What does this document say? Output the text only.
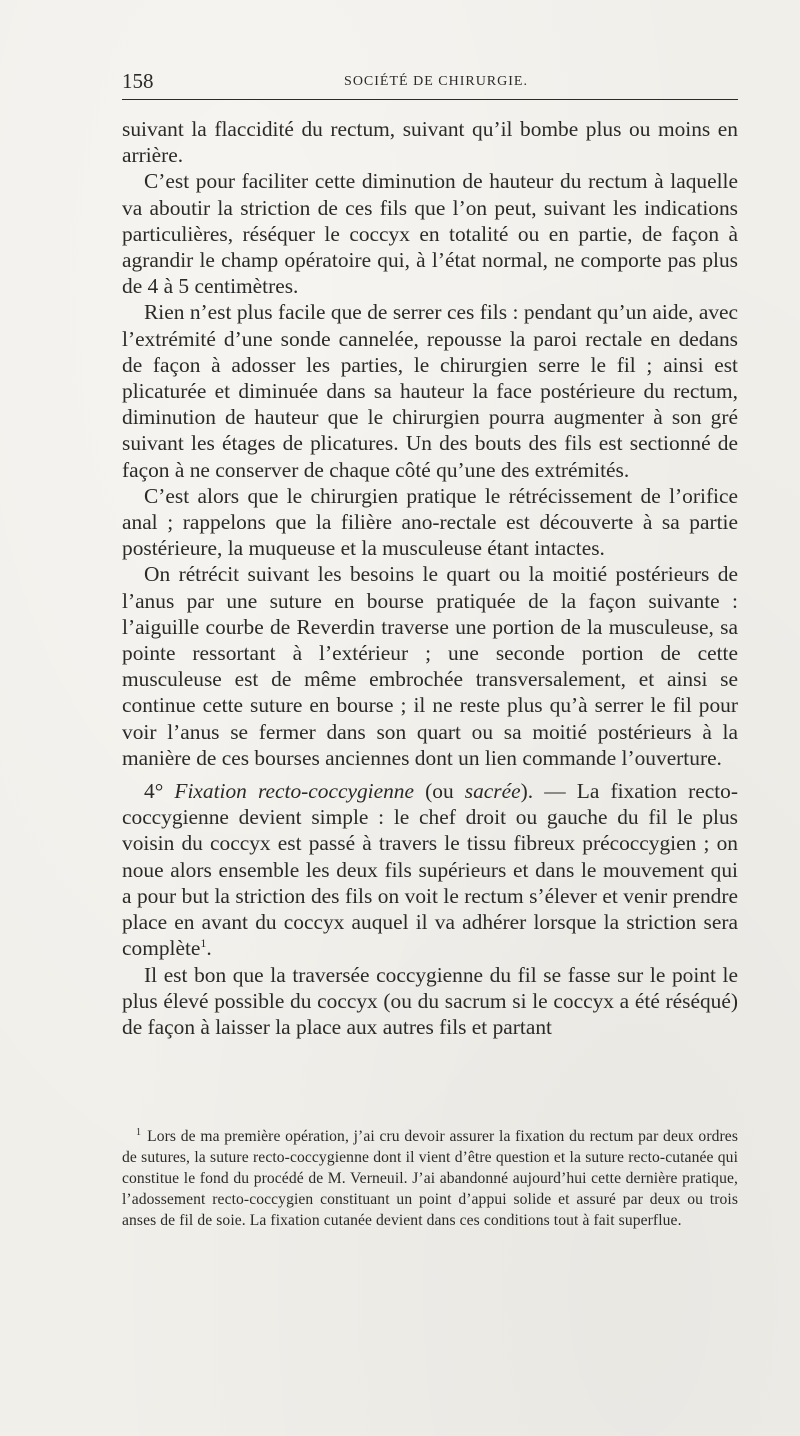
158	SOCIÉTÉ DE CHIRURGIE.

suivant la flaccidité du rectum, suivant qu’il bombe plus ou moins en arrière.

C’est pour faciliter cette diminution de hauteur du rectum à laquelle va aboutir la striction de ces fils que l’on peut, suivant les indications particulières, réséquer le coccyx en totalité ou en partie, de façon à agrandir le champ opératoire qui, à l’état normal, ne comporte pas plus de 4 à 5 centimètres.

Rien n’est plus facile que de serrer ces fils : pendant qu’un aide, avec l’extrémité d’une sonde cannelée, repousse la paroi rectale en dedans de façon à adosser les parties, le chirurgien serre le fil ; ainsi est plicaturée et diminuée dans sa hauteur la face postérieure du rectum, diminution de hauteur que le chirurgien pourra augmenter à son gré suivant les étages de plicatures. Un des bouts des fils est sectionné de façon à ne conserver de chaque côté qu’une des extrémités.

C’est alors que le chirurgien pratique le rétrécissement de l’orifice anal ; rappelons que la filière ano-rectale est découverte à sa partie postérieure, la muqueuse et la musculeuse étant intactes.

On rétrécit suivant les besoins le quart ou la moitié postérieurs de l’anus par une suture en bourse pratiquée de la façon suivante : l’aiguille courbe de Reverdin traverse une portion de la musculeuse, sa pointe ressortant à l’extérieur ; une seconde portion de cette musculeuse est de même embrochée transversalement, et ainsi se continue cette suture en bourse ; il ne reste plus qu’à serrer le fil pour voir l’anus se fermer dans son quart ou sa moitié postérieurs à la manière de ces bourses anciennes dont un lien commande l’ouverture.

4° Fixation recto-coccygienne (ou sacrée). — La fixation recto-coccygienne devient simple : le chef droit ou gauche du fil le plus voisin du coccyx est passé à travers le tissu fibreux précoccygien ; on noue alors ensemble les deux fils supérieurs et dans le mouvement qui a pour but la striction des fils on voit le rectum s’élever et venir prendre place en avant du coccyx auquel il va adhérer lorsque la striction sera complète$^1$.

Il est bon que la traversée coccygienne du fil se fasse sur le point le plus élevé possible du coccyx (ou du sacrum si le coccyx a été réséqué) de façon à laisser la place aux autres fils et partant

$^1$ Lors de ma première opération, j’ai cru devoir assurer la fixation du rectum par deux ordres de sutures, la suture recto-coccygienne dont il vient d’être question et la suture recto-cutanée qui constitue le fond du procédé de M. Verneuil. J’ai abandonné aujourd’hui cette dernière pratique, l’adossement recto-coccygien constituant un point d’appui solide et assuré par deux ou trois anses de fil de soie. La fixation cutanée devient dans ces conditions tout à fait superflue.
